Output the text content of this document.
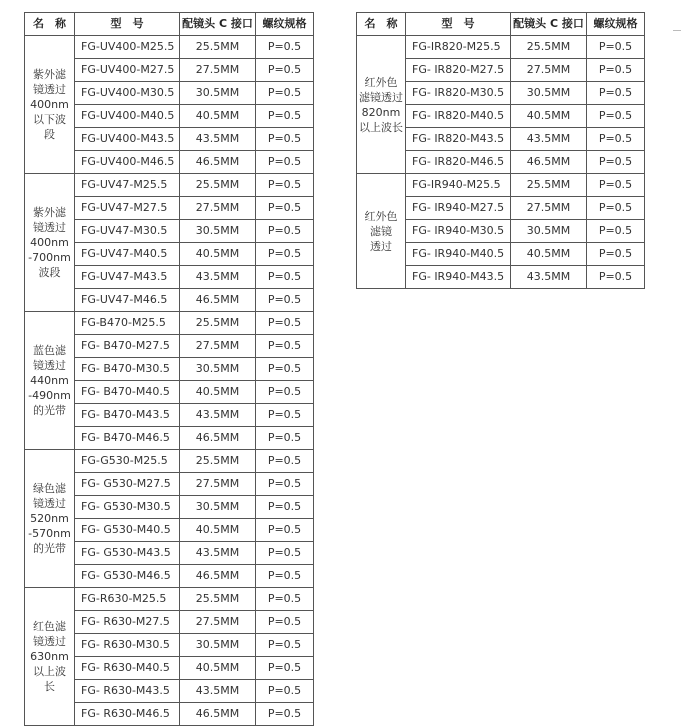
名　称	型　号	配镜头 C 接口	螺纹规格

紫外滤
镜透过
400nm
以下波
段	FG-UV400-M25.5	25.5MM	P=0.5
	FG-UV400-M27.5	27.5MM	P=0.5
	FG-UV400-M30.5	30.5MM	P=0.5
	FG-UV400-M40.5	40.5MM	P=0.5
	FG-UV400-M43.5	43.5MM	P=0.5
	FG-UV400-M46.5	46.5MM	P=0.5

紫外滤
镜透过
400nm
-700nm
波段	FG-UV47-M25.5	25.5MM	P=0.5
	FG-UV47-M27.5	27.5MM	P=0.5
	FG-UV47-M30.5	30.5MM	P=0.5
	FG-UV47-M40.5	40.5MM	P=0.5
	FG-UV47-M43.5	43.5MM	P=0.5
	FG-UV47-M46.5	46.5MM	P=0.5

蓝色滤
镜透过
440nm
-490nm
的光带	FG-B470-M25.5	25.5MM	P=0.5
	FG- B470-M27.5	27.5MM	P=0.5
	FG- B470-M30.5	30.5MM	P=0.5
	FG- B470-M40.5	40.5MM	P=0.5
	FG- B470-M43.5	43.5MM	P=0.5
	FG- B470-M46.5	46.5MM	P=0.5

绿色滤
镜透过
520nm
-570nm
的光带	FG-G530-M25.5	25.5MM	P=0.5
	FG- G530-M27.5	27.5MM	P=0.5
	FG- G530-M30.5	30.5MM	P=0.5
	FG- G530-M40.5	40.5MM	P=0.5
	FG- G530-M43.5	43.5MM	P=0.5
	FG- G530-M46.5	46.5MM	P=0.5

红色滤
镜透过
630nm
以上波
长	FG-R630-M25.5	25.5MM	P=0.5
	FG- R630-M27.5	27.5MM	P=0.5
	FG- R630-M30.5	30.5MM	P=0.5
	FG- R630-M40.5	40.5MM	P=0.5
	FG- R630-M43.5	43.5MM	P=0.5
	FG- R630-M46.5	46.5MM	P=0.5
名　称	型　号	配镜头 C 接口	螺纹规格

红外色
滤镜透过
820nm
以上波长	FG-IR820-M25.5	25.5MM	P=0.5
	FG- IR820-M27.5	27.5MM	P=0.5
	FG- IR820-M30.5	30.5MM	P=0.5
	FG- IR820-M40.5	40.5MM	P=0.5
	FG- IR820-M43.5	43.5MM	P=0.5
	FG- IR820-M46.5	46.5MM	P=0.5

红外色
滤镜
透过	FG-IR940-M25.5	25.5MM	P=0.5
	FG- IR940-M27.5	27.5MM	P=0.5
	FG- IR940-M30.5	30.5MM	P=0.5
	FG- IR940-M40.5	40.5MM	P=0.5
	FG- IR940-M43.5	43.5MM	P=0.5
